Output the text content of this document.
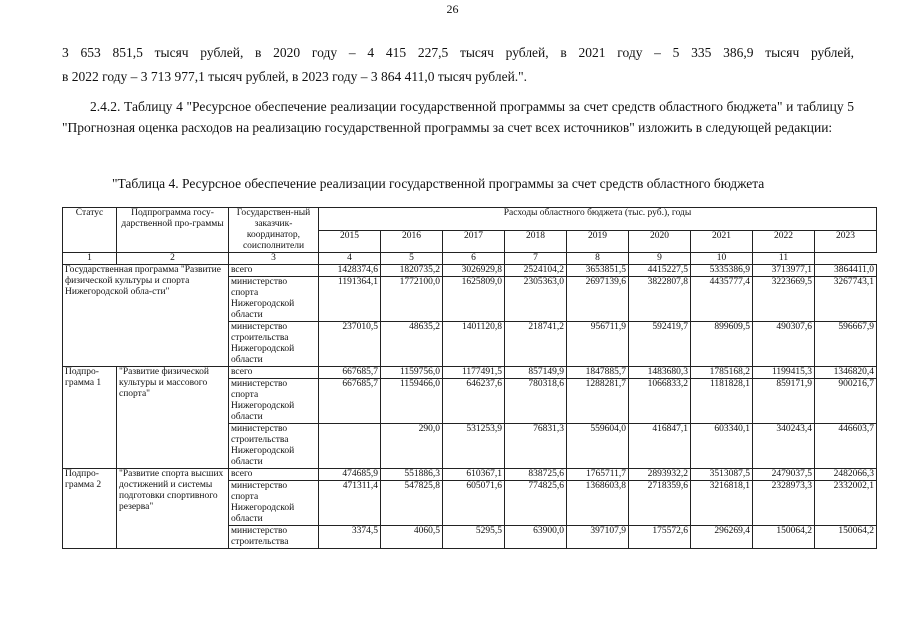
26

3 653 851,5 тысяч рублей, в 2020 году – 4 415 227,5 тысяч рублей, в 2021 году – 5 335 386,9 тысяч рублей,

в 2022 году – 3 713 977,1 тысяч рублей, в 2023 году – 3 864 411,0 тысяч рублей.".

2.4.2. Таблицу 4 "Ресурсное обеспечение реализации государственной программы за счет средств областного бюджета" и таблицу 5 "Прогнозная оценка расходов на реализацию государственной программы за счет всех источников" изложить в следующей редакции:

"Таблица 4. Ресурсное обеспечение реализации государственной программы за счет средств областного бюджета
Статус	Подпрограмма госу-дарственной про-граммы	Государствен-ный заказчик-координатор, соисполнители	Расходы областного бюджета (тыс. руб.), годы								
			2015	2016	2017	2018	2019	2020	2021	2022	2023
1	2	3	4	5	6	7	8	9	10	11	
Государственная программа "Развитие физической культуры и спорта Нижегородской обла-сти"		всего	1428374,6	1820735,2	3026929,8	2524104,2	3653851,5	4415227,5	5335386,9	3713977,1	3864411,0
		министерство спорта Нижегородской области	1191364,1	1772100,0	1625809,0	2305363,0	2697139,6	3822807,8	4435777,4	3223669,5	3267743,1
		министерство строительства Нижегородской области	237010,5	48635,2	1401120,8	218741,2	956711,9	592419,7	899609,5	490307,6	596667,9
Подпро-грамма 1	"Развитие физической культуры и массового спорта"	всего	667685,7	1159756,0	1177491,5	857149,9	1847885,7	1483680,3	1785168,2	1199415,3	1346820,4
		министерство спорта Нижегородской области	667685,7	1159466,0	646237,6	780318,6	1288281,7	1066833,2	1181828,1	859171,9	900216,7
		министерство строительства Нижегородской области		290,0	531253,9	76831,3	559604,0	416847,1	603340,1	340243,4	446603,7
Подпро-грамма 2	"Развитие спорта высших достижений и системы подготовки спортивного резерва"	всего	474685,9	551886,3	610367,1	838725,6	1765711,7	2893932,2	3513087,5	2479037,5	2482066,3
		министерство спорта Нижегородской области	471311,4	547825,8	605071,6	774825,6	1368603,8	2718359,6	3216818,1	2328973,3	2332002,1
		министерство строительства	3374,5	4060,5	5295,5	63900,0	397107,9	175572,6	296269,4	150064,2	150064,2
